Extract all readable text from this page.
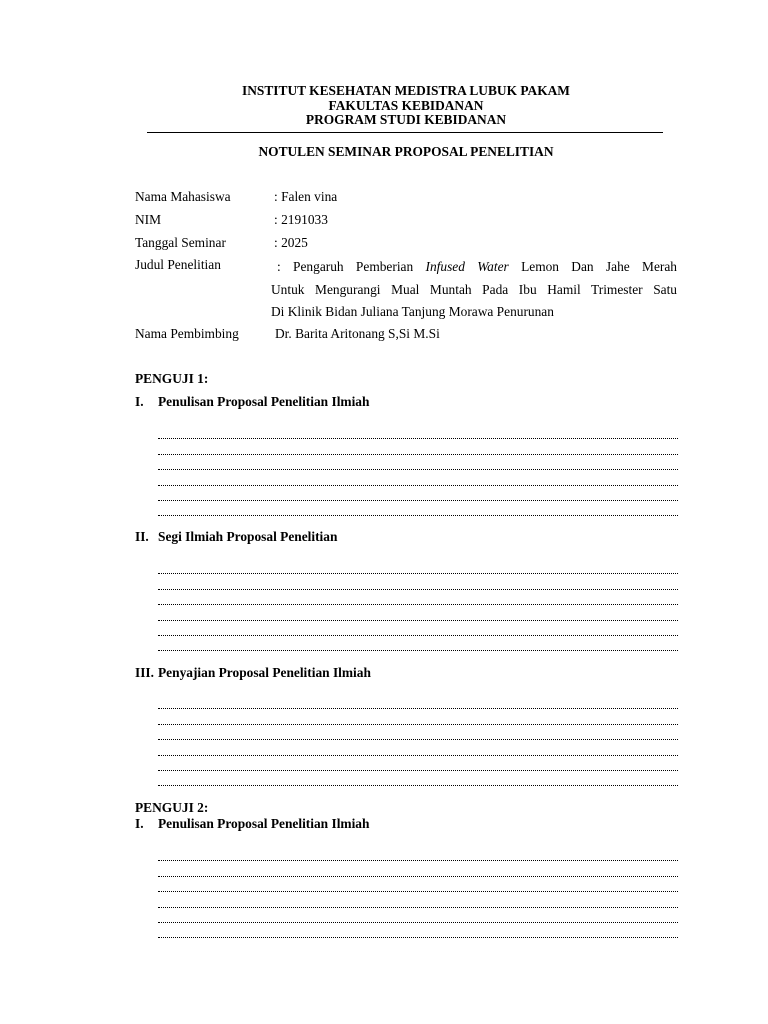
INSTITUT KESEHATAN MEDISTRA LUBUK PAKAM
FAKULTAS KEBIDANAN
PROGRAM STUDI KEBIDANAN
NOTULEN SEMINAR PROPOSAL PENELITIAN
Nama Mahasiswa	: Falen vina
NIM	: 2191033
Tanggal Seminar	: 2025
Judul Penelitian	: Pengaruh Pemberian Infused Water Lemon Dan Jahe Merah
Untuk Mengurangi Mual Muntah Pada Ibu Hamil Trimester Satu
Di Klinik Bidan Juliana Tanjung Morawa Penurunan
Nama Pembimbing	Dr. Barita Aritonang S,Si M.Si
PENGUJI 1:
I. Penulisan Proposal Penelitian Ilmiah
II. Segi Ilmiah Proposal Penelitian
III. Penyajian Proposal Penelitian Ilmiah
PENGUJI 2:
I. Penulisan Proposal Penelitian Ilmiah
